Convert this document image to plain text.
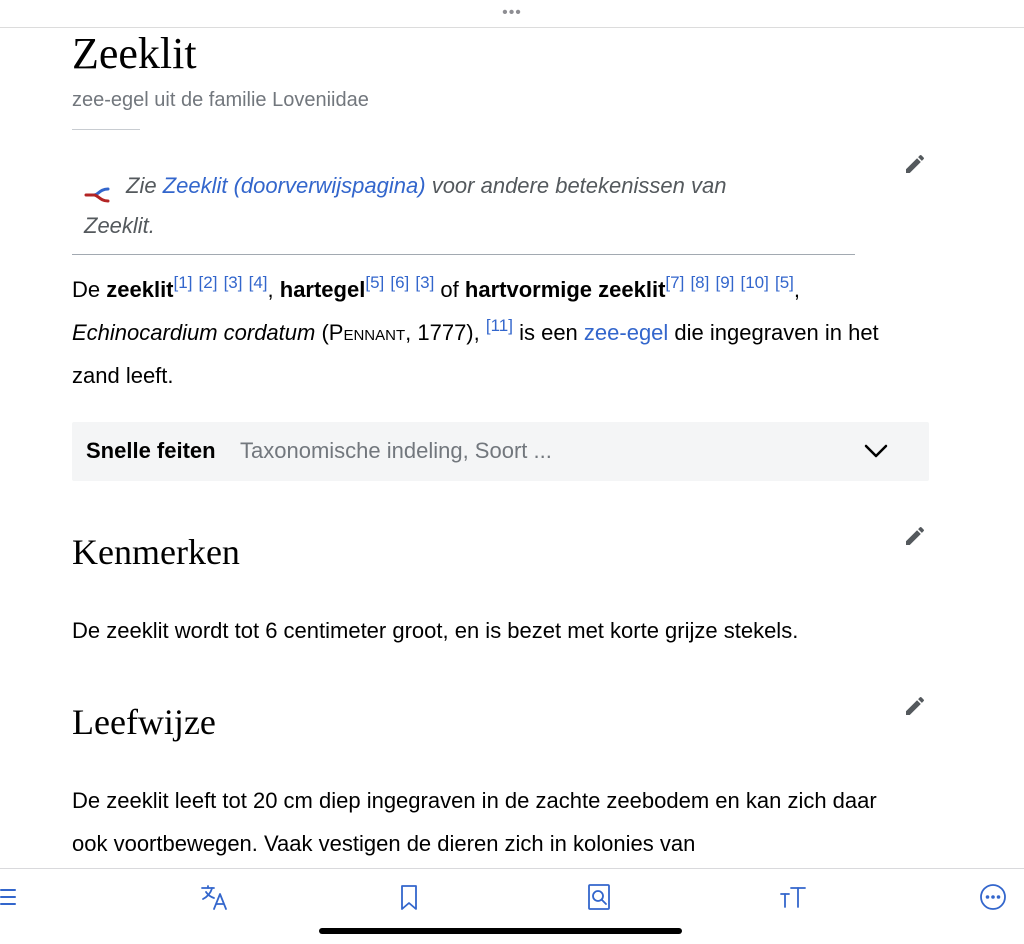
•••
Zeeklit
zee-egel uit de familie Loveniidae
Zie Zeeklit (doorverwijspagina) voor andere betekenissen van
Zeeklit.

De zeeklit[1] [2] [3] [4], hartegel[5] [6] [3] of hartvormige zeeklit[7] [8] [9] [10] [5], Echinocardium cordatum (Pennant, 1777), [11] is een zee-egel die ingegraven in het zand leeft.

Snelle feiten Taxonomische indeling, Soort ...
Kenmerken

De zeeklit wordt tot 6 centimeter groot, en is bezet met korte grijze stekels.

Leefwijze

De zeeklit leeft tot 20 cm diep ingegraven in de zachte zeebodem en kan zich daar ook voortbewegen. Vaak vestigen de dieren zich in kolonies van
